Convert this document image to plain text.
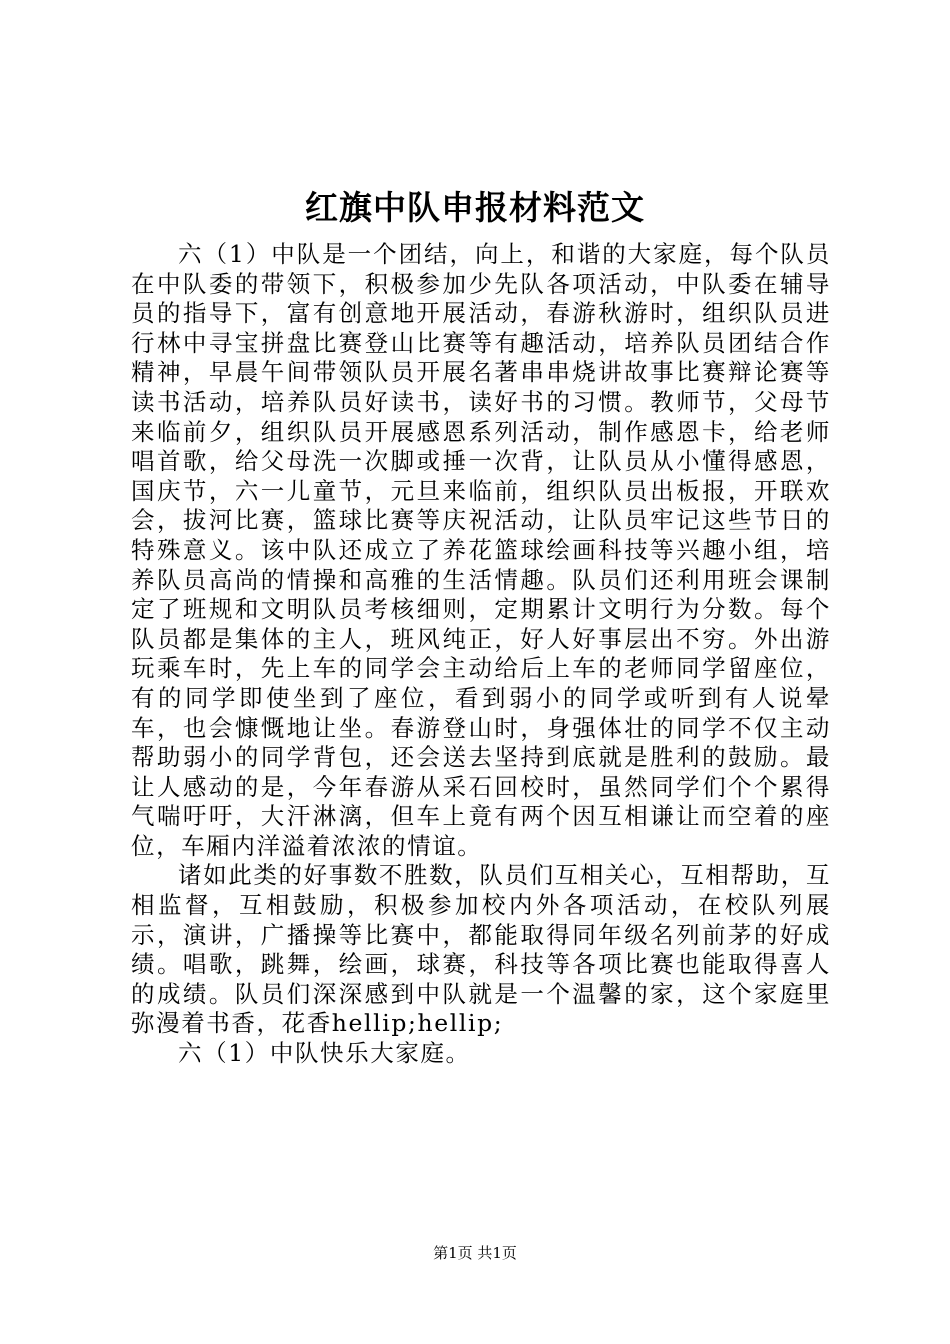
红旗中队申报材料范文

六（1）中队是一个团结，向上，和谐的大家庭，每个队员在中队委的带领下，积极参加少先队各项活动，中队委在辅导员的指导下，富有创意地开展活动，春游秋游时，组织队员进行林中寻宝拼盘比赛登山比赛等有趣活动，培养队员团结合作精神，早晨午间带领队员开展名著串串烧讲故事比赛辩论赛等读书活动，培养队员好读书，读好书的习惯。教师节，父母节来临前夕，组织队员开展感恩系列活动，制作感恩卡，给老师唱首歌，给父母洗一次脚或捶一次背，让队员从小懂得感恩，国庆节，六一儿童节，元旦来临前，组织队员出板报，开联欢会，拔河比赛，篮球比赛等庆祝活动，让队员牢记这些节日的特殊意义。该中队还成立了养花篮球绘画科技等兴趣小组，培养队员高尚的情操和高雅的生活情趣。队员们还利用班会课制定了班规和文明队员考核细则，定期累计文明行为分数。每个队员都是集体的主人，班风纯正，好人好事层出不穷。外出游玩乘车时，先上车的同学会主动给后上车的老师同学留座位，有的同学即使坐到了座位，看到弱小的同学或听到有人说晕车，也会慷慨地让坐。春游登山时，身强体壮的同学不仅主动帮助弱小的同学背包，还会送去坚持到底就是胜利的鼓励。最让人感动的是，今年春游从采石回校时，虽然同学们个个累得气喘吁吁，大汗淋漓，但车上竟有两个因互相谦让而空着的座位，车厢内洋溢着浓浓的情谊。

诸如此类的好事数不胜数，队员们互相关心，互相帮助，互相监督，互相鼓励，积极参加校内外各项活动，在校队列展示，演讲，广播操等比赛中，都能取得同年级名列前茅的好成绩。唱歌，跳舞，绘画，球赛，科技等各项比赛也能取得喜人的成绩。队员们深深感到中队就是一个温馨的家，这个家庭里弥漫着书香，花香hellip;hellip;

六（1）中队快乐大家庭。

第1页 共1页
